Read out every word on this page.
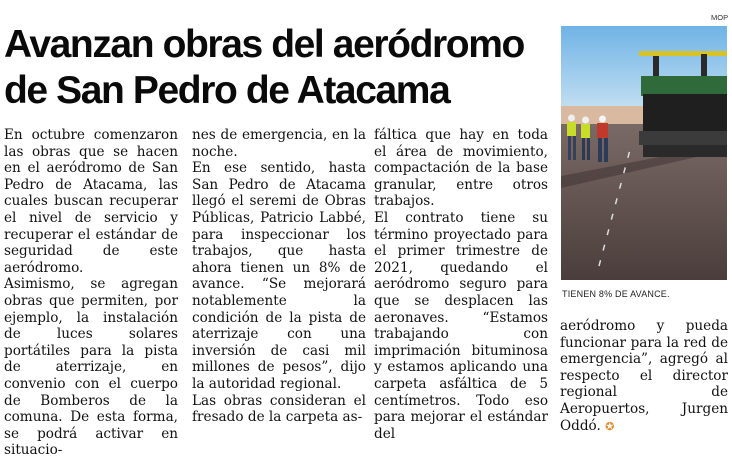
Avanzan obras del aeródromo de San Pedro de Atacama
MOP
TIENEN 8% DE AVANCE.

En octubre comenzaron las obras que se hacen en el aeródromo de San Pedro de Atacama, las cuales buscan recuperar el nivel de servicio y recuperar el estándar de seguridad de este aeródromo.

Asimismo, se agregan obras que permiten, por ejemplo, la instalación de luces solares portátiles para la pista de aterrizaje, en convenio con el cuerpo de Bomberos de la comuna. De esta forma, se podrá activar en situacio-

nes de emergencia, en la noche.

En ese sentido, hasta San Pedro de Atacama llegó el seremi de Obras Públicas, Patricio Labbé, para inspeccionar los trabajos, que hasta ahora tienen un 8% de avance. “Se mejorará notablemente la condición de la pista de aterrizaje con una inversión de casi mil millones de pesos”, dijo la autoridad regional.

Las obras consideran el fresado de la carpeta as-

fáltica que hay en toda el área de movimiento, compactación de la base granular, entre otros trabajos.

El contrato tiene su término proyectado para el primer trimestre de 2021, quedando el aeródromo seguro para que se desplacen las aeronaves. “Estamos trabajando con imprimación bituminosa y estamos aplicando una carpeta asfáltica de 5 centímetros. Todo eso para mejorar el estándar del

aeródromo y pueda funcionar para la red de emergencia”, agregó al respecto el director regional de Aeropuertos, Jurgen Oddó. ✪
